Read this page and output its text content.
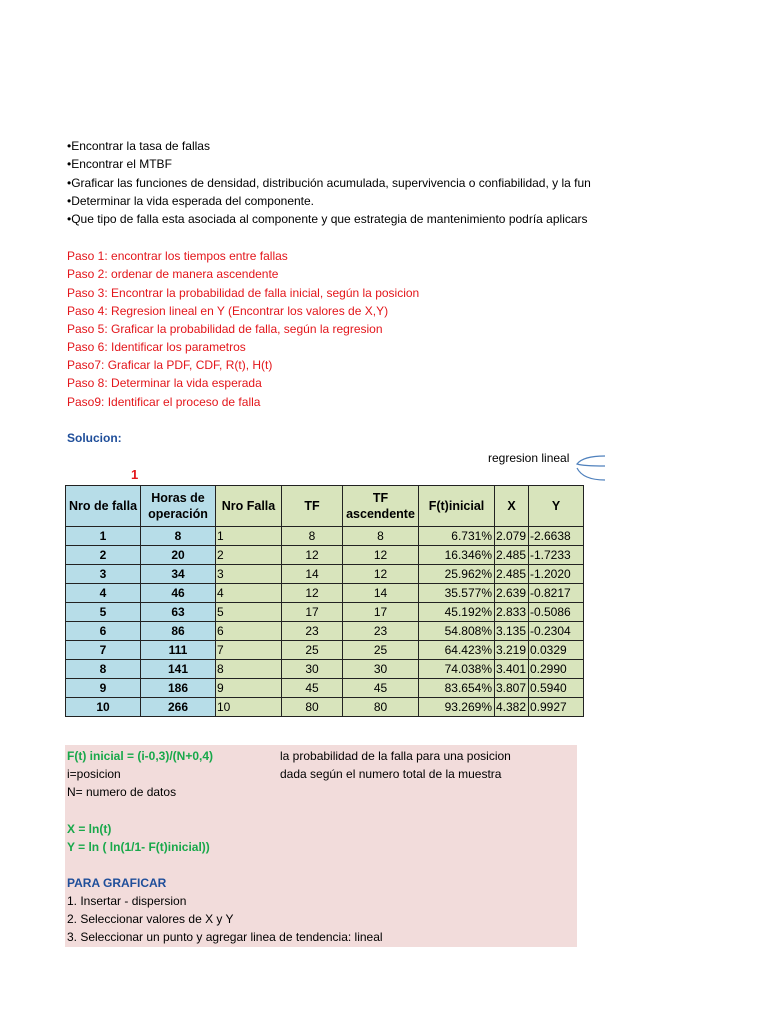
•Encontrar la tasa de fallas
•Encontrar el MTBF
•Graficar las funciones de densidad, distribución acumulada, supervivencia o confiabilidad, y la fun
•Determinar la vida esperada del componente.
•Que tipo de falla esta asociada al componente y que estrategia de mantenimiento podría aplicars
Paso 1: encontrar los tiempos entre fallas
Paso 2: ordenar de manera ascendente
Paso 3: Encontrar la probabilidad de falla inicial, según la posicion
Paso 4: Regresion lineal en Y (Encontrar los valores de X,Y)
Paso 5: Graficar la probabilidad de falla, según la regresion
Paso 6: Identificar los parametros
Paso7: Graficar la PDF, CDF, R(t), H(t)
Paso 8: Determinar la vida esperada
Paso9: Identificar el proceso de falla
Solucion:
regresion lineal
1
Nro de falla	Horas de operación	Nro Falla	TF	TF ascendente	F(t)inicial	X	Y
1	8	1	8	8	6.731%	2.079	-2.6638
2	20	2	12	12	16.346%	2.485	-1.7233
3	34	3	14	12	25.962%	2.485	-1.2020
4	46	4	12	14	35.577%	2.639	-0.8217
5	63	5	17	17	45.192%	2.833	-0.5086
6	86	6	23	23	54.808%	3.135	-0.2304
7	111	7	25	25	64.423%	3.219	0.0329
8	141	8	30	30	74.038%	3.401	0.2990
9	186	9	45	45	83.654%	3.807	0.5940
10	266	10	80	80	93.269%	4.382	0.9927
F(t) inicial = (i-0,3)/(N+0,4)	la probabilidad de la falla para una posicion
i=posicion	dada según el numero total de la muestra
N= numero de datos
X = ln(t)
Y = ln ( ln(1/1- F(t)inicial))
PARA GRAFICAR
1. Insertar - dispersion
2. Seleccionar valores de X y Y
3. Seleccionar un punto y agregar linea de tendencia: lineal
